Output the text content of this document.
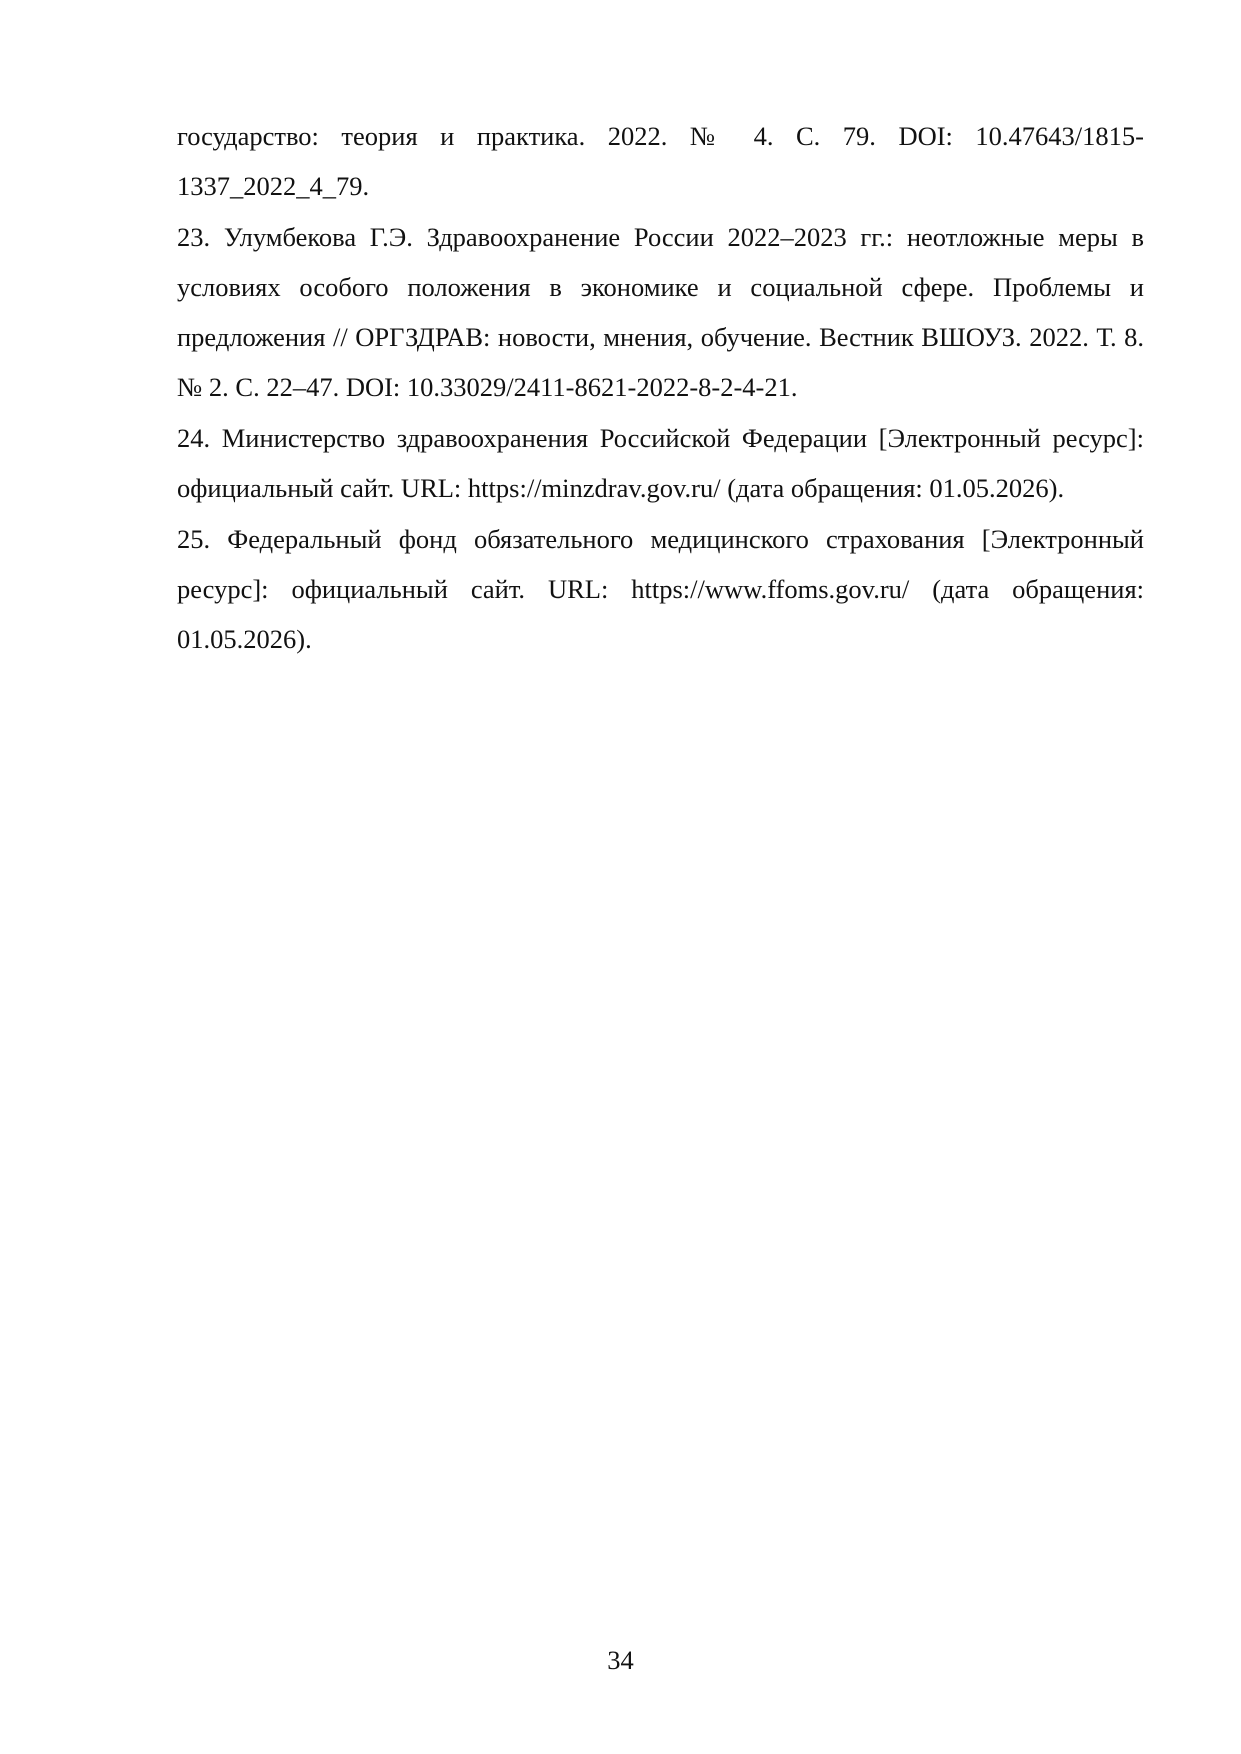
государство: теория и практика. 2022. № 4. С. 79. DOI: 10.47643/1815-1337_2022_4_79.

23. Улумбекова Г.Э. Здравоохранение России 2022–2023 гг.: неотложные меры в условиях особого положения в экономике и социальной сфере. Проблемы и предложения // ОРГЗДРАВ: новости, мнения, обучение. Вестник ВШОУЗ. 2022. Т. 8. № 2. С. 22–47. DOI: 10.33029/2411-8621-2022-8-2-4-21.

24. Министерство здравоохранения Российской Федерации [Электронный ресурс]: официальный сайт. URL: https://minzdrav.gov.ru/ (дата обращения: 01.05.2026).

25. Федеральный фонд обязательного медицинского страхования [Электронный ресурс]: официальный сайт. URL: https://www.ffoms.gov.ru/ (дата обращения: 01.05.2026).

34
